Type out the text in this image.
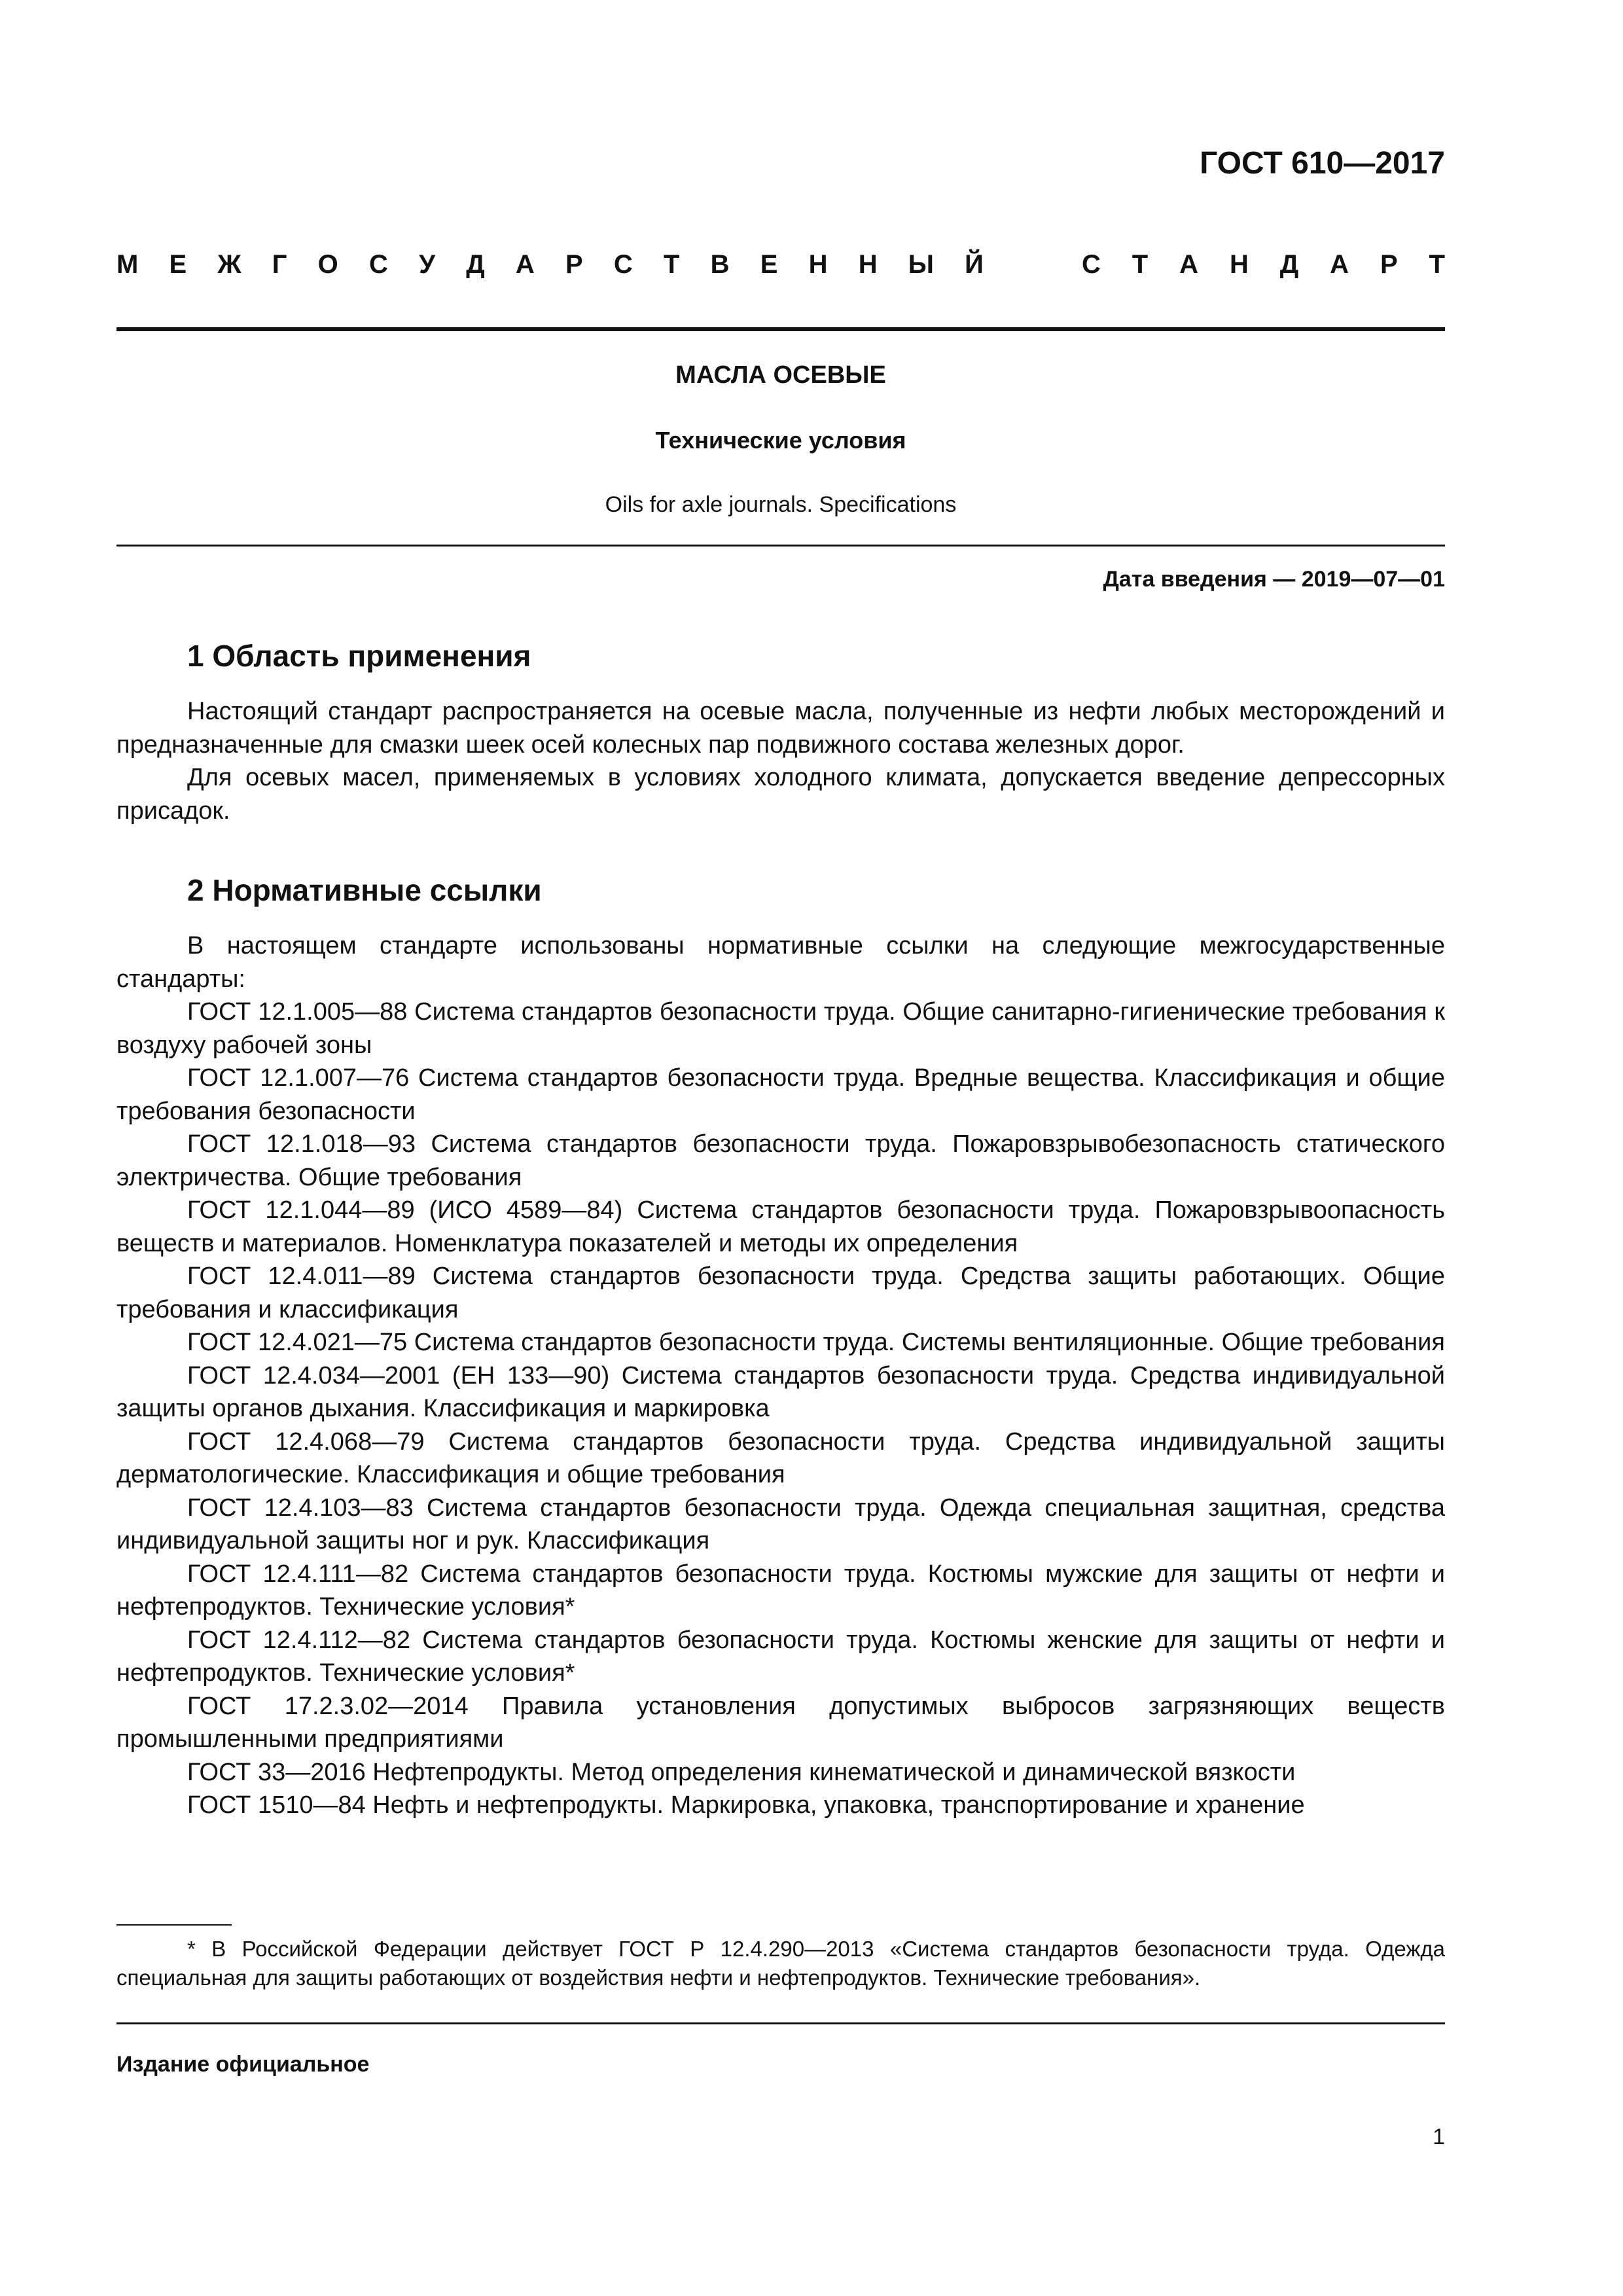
ГОСТ 610—2017
М Е Ж Г О С У Д А Р С Т В Е Н Н Ы Й	С Т А Н Д А Р Т
МАСЛА ОСЕВЫЕ
Технические условия
Oils for axle journals. Specifications
Дата введения — 2019—07—01
1 Область применения

Настоящий стандарт распространяется на осевые масла, полученные из нефти любых месторождений и предназначенные для смазки шеек осей колесных пар подвижного состава железных дорог.

Для осевых масел, применяемых в условиях холодного климата, допускается введение депрессорных присадок.

2 Нормативные ссылки

В настоящем стандарте использованы нормативные ссылки на следующие межгосударственные стандарты:

ГОСТ 12.1.005—88 Система стандартов безопасности труда. Общие санитарно-гигиенические требования к воздуху рабочей зоны

ГОСТ 12.1.007—76 Система стандартов безопасности труда. Вредные вещества. Классификация и общие требования безопасности

ГОСТ 12.1.018—93 Система стандартов безопасности труда. Пожаровзрывобезопасность статического электричества. Общие требования

ГОСТ 12.1.044—89 (ИСО 4589—84) Система стандартов безопасности труда. Пожаровзрывоопасность веществ и материалов. Номенклатура показателей и методы их определения

ГОСТ 12.4.011—89 Система стандартов безопасности труда. Средства защиты работающих. Общие требования и классификация

ГОСТ 12.4.021—75 Система стандартов безопасности труда. Системы вентиляционные. Общие требования

ГОСТ 12.4.034—2001 (ЕН 133—90) Система стандартов безопасности труда. Средства индивидуальной защиты органов дыхания. Классификация и маркировка

ГОСТ 12.4.068—79 Система стандартов безопасности труда. Средства индивидуальной защиты дерматологические. Классификация и общие требования

ГОСТ 12.4.103—83 Система стандартов безопасности труда. Одежда специальная защитная, средства индивидуальной защиты ног и рук. Классификация

ГОСТ 12.4.111—82 Система стандартов безопасности труда. Костюмы мужские для защиты от нефти и нефтепродуктов. Технические условия*

ГОСТ 12.4.112—82 Система стандартов безопасности труда. Костюмы женские для защиты от нефти и нефтепродуктов. Технические условия*

ГОСТ 17.2.3.02—2014 Правила установления допустимых выбросов загрязняющих веществ промышленными предприятиями

ГОСТ 33—2016 Нефтепродукты. Метод определения кинематической и динамической вязкости

ГОСТ 1510—84 Нефть и нефтепродукты. Маркировка, упаковка, транспортирование и хранение

* В Российской Федерации действует ГОСТ Р 12.4.290—2013 «Система стандартов безопасности труда. Одежда специальная для защиты работающих от воздействия нефти и нефтепродуктов. Технические требования».

Издание официальное
1
